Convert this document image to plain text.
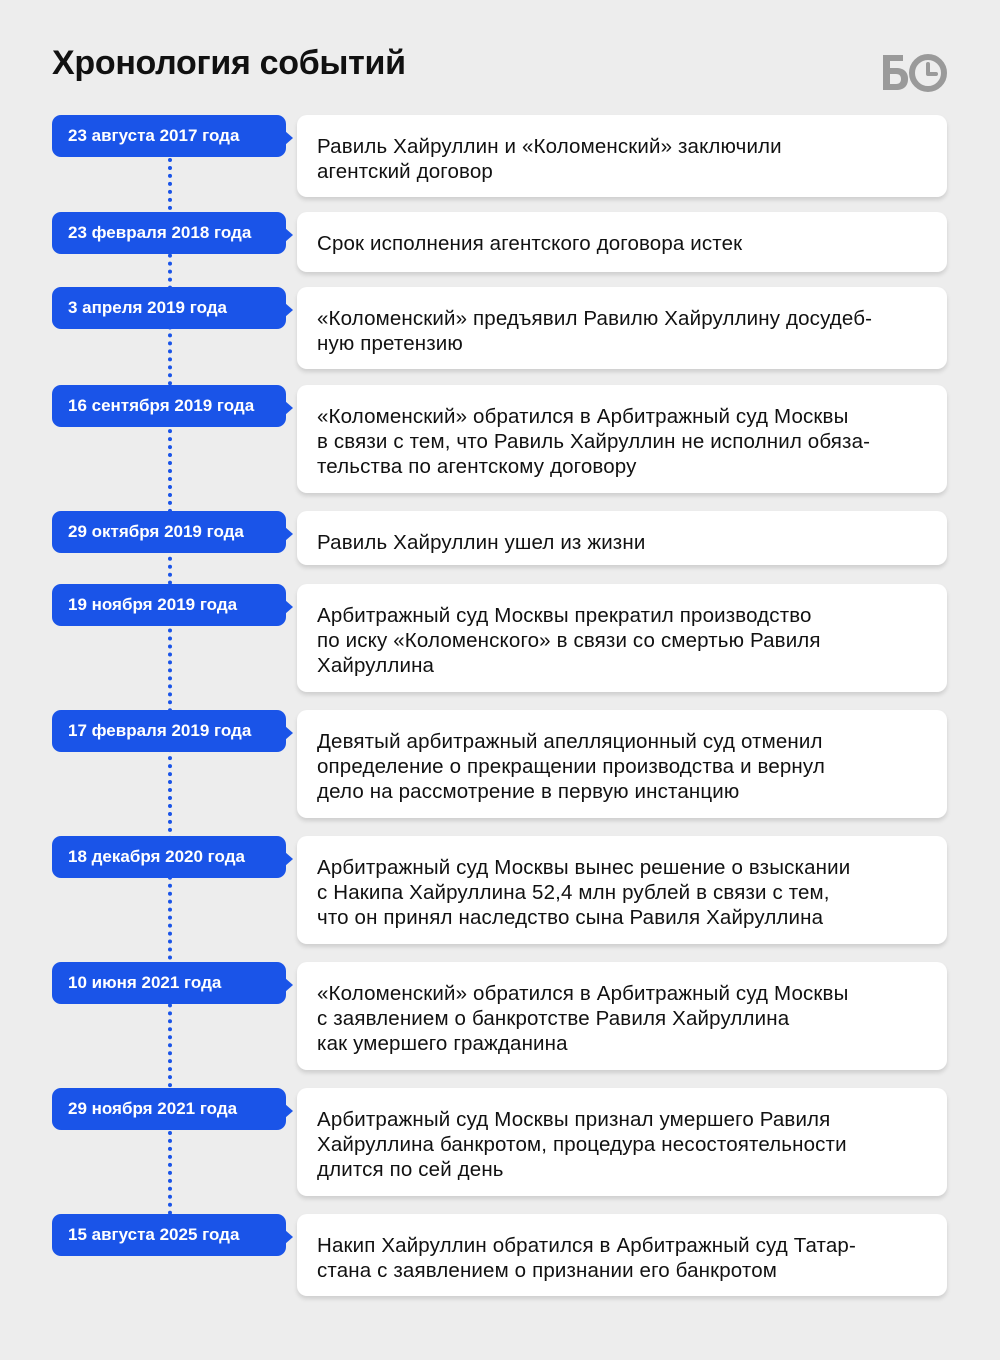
Хронология событий
23 августа 2017 года	Равиль Хайруллин и «Коломенский» заключили
агентский договор
23 февраля 2018 года	Срок исполнения агентского договора истек
3 апреля 2019 года	«Коломенский» предъявил Равилю Хайруллину досудеб-
ную претензию
16 сентября 2019 года	«Коломенский» обратился в Арбитражный суд Москвы
в связи с тем, что Равиль Хайруллин не исполнил обяза-
тельства по агентскому договору
29 октября 2019 года	Равиль Хайруллин ушел из жизни
19 ноября 2019 года	Арбитражный суд Москвы прекратил производство
по иску «Коломенского» в связи со смертью Равиля
Хайруллина
17 февраля 2019 года	Девятый арбитражный апелляционный суд отменил
определение о прекращении производства и вернул
дело на рассмотрение в первую инстанцию
18 декабря 2020 года	Арбитражный суд Москвы вынес решение о взыскании
с Накипа Хайруллина 52,4 млн рублей в связи с тем,
что он принял наследство сына Равиля Хайруллина
10 июня 2021 года	«Коломенский» обратился в Арбитражный суд Москвы
с заявлением о банкротстве Равиля Хайруллина
как умершего гражданина
29 ноября 2021 года	Арбитражный суд Москвы признал умершего Равиля
Хайруллина банкротом, процедура несостоятельности
длится по сей день
15 августа 2025 года	Накип Хайруллин обратился в Арбитражный суд Татар-
стана с заявлением о признании его банкротом
